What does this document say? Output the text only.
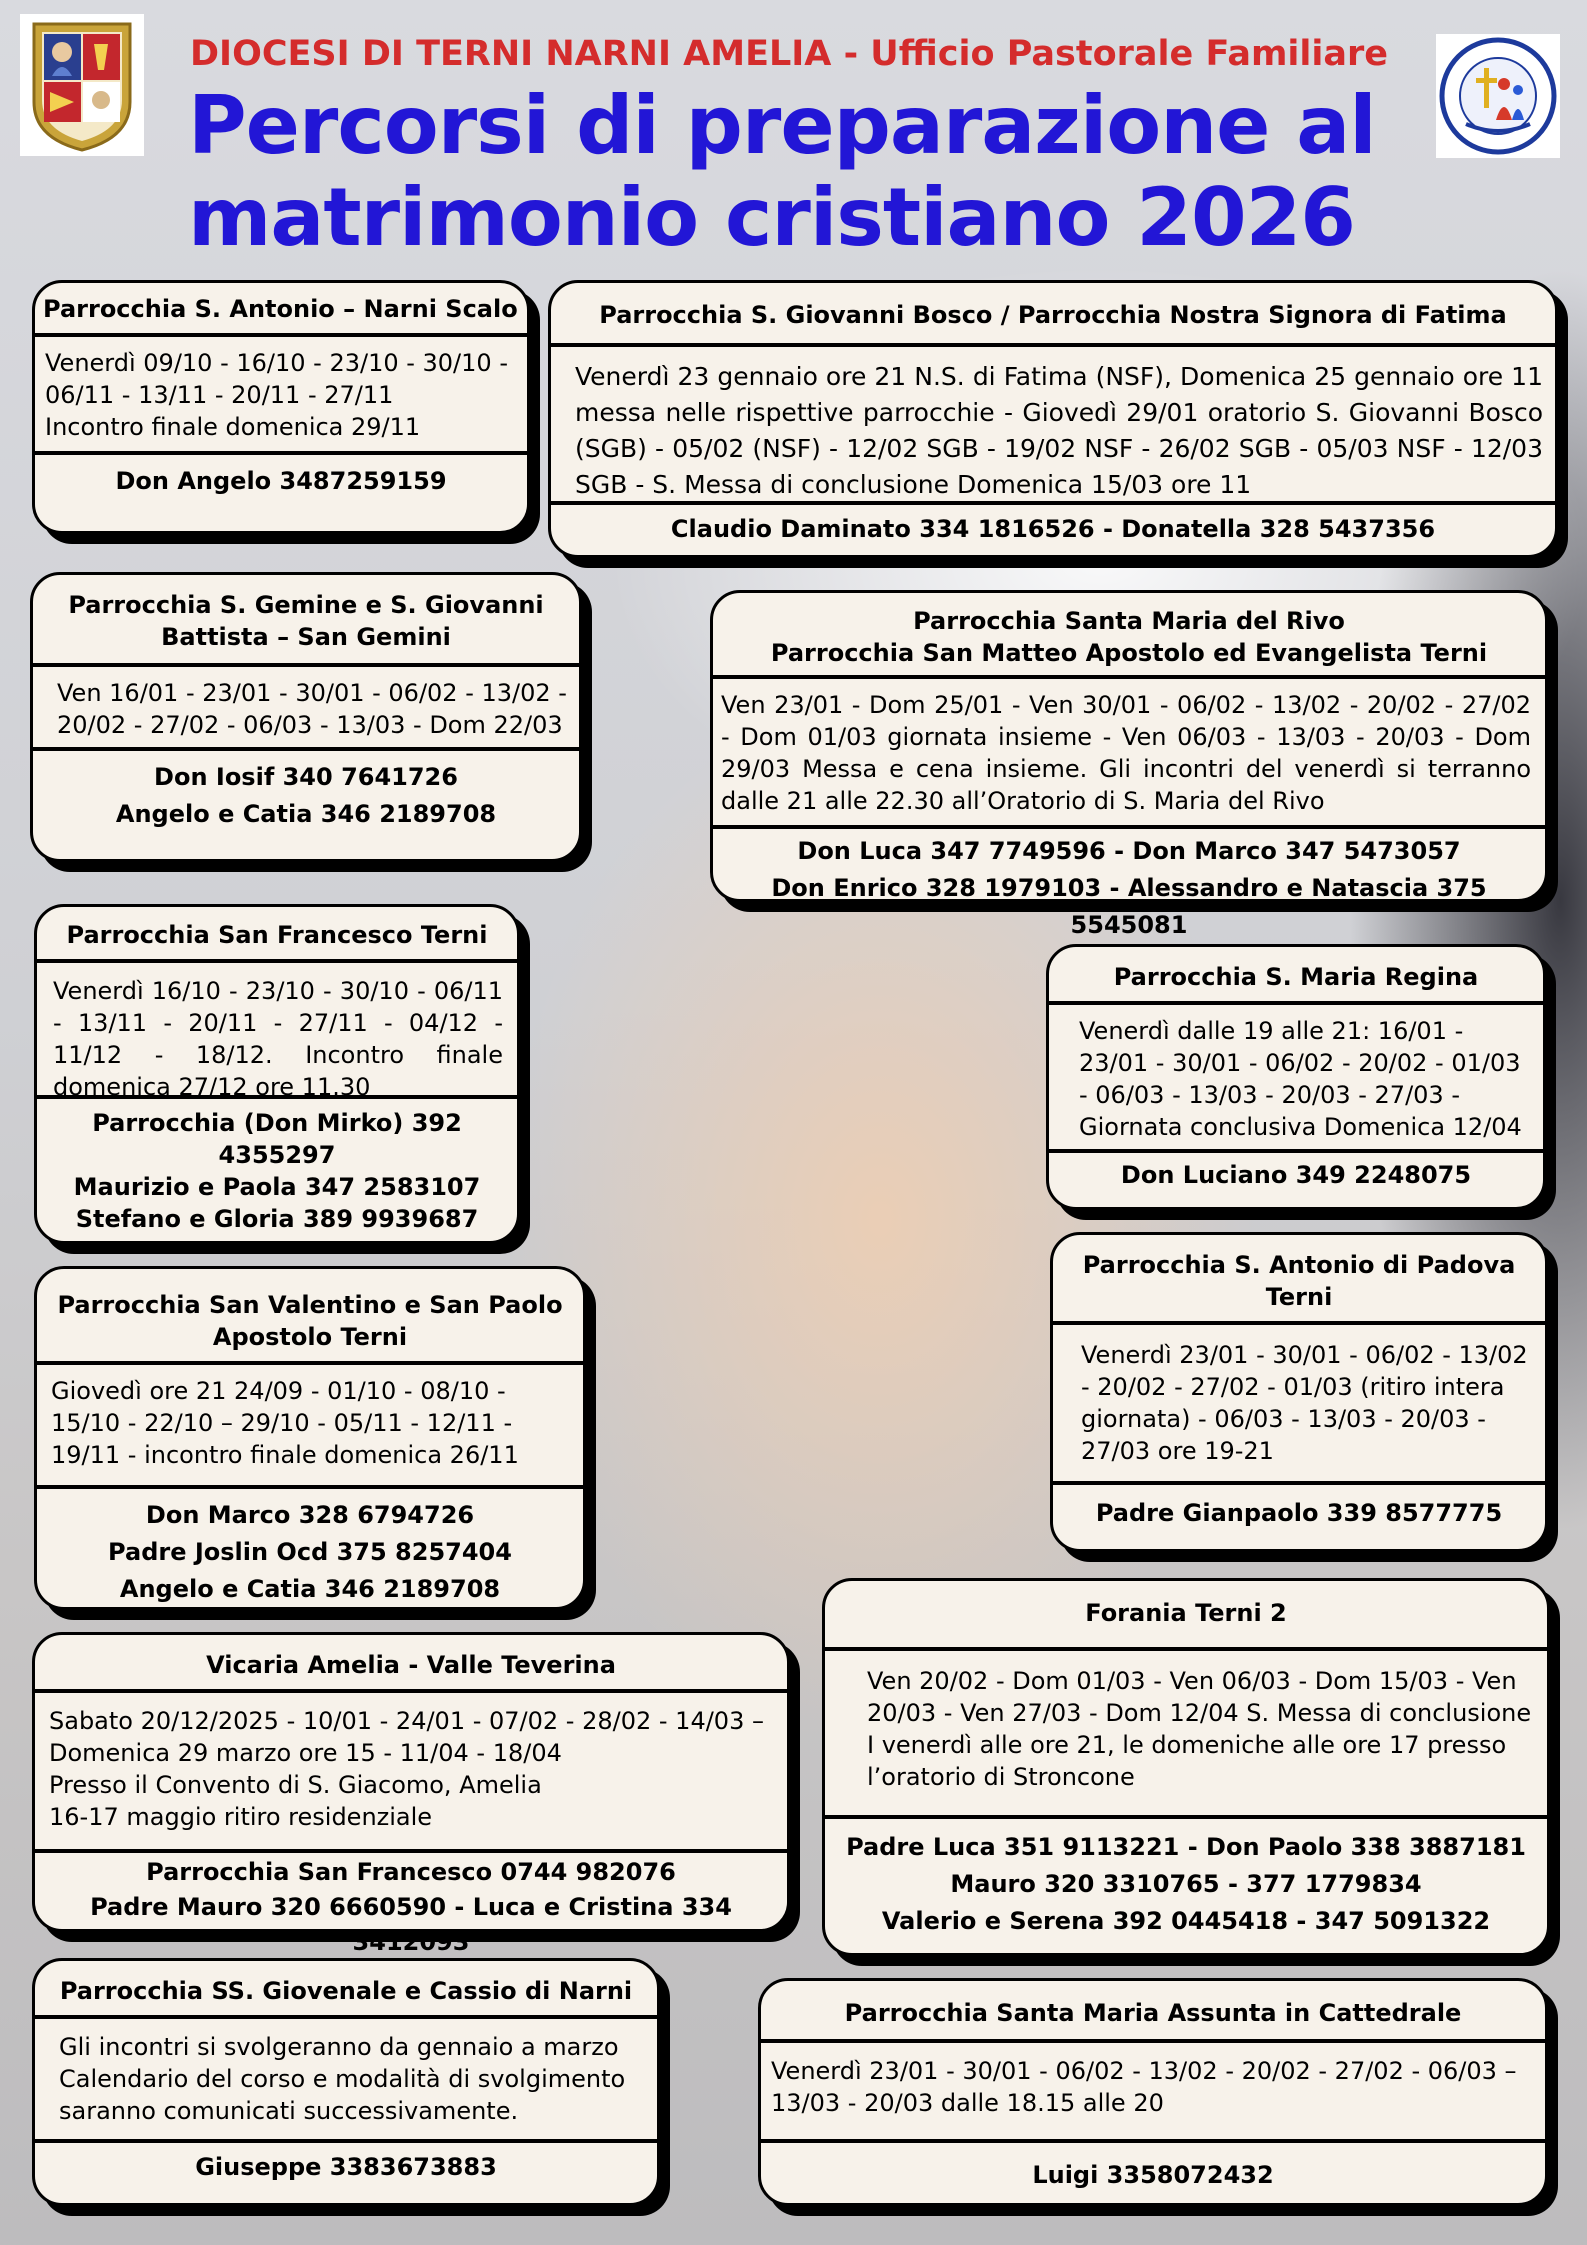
DIOCESI DI TERNI NARNI AMELIA - Ufficio Pastorale Familiare
Percorsi di preparazione al
matrimonio cristiano 2026
Parrocchia S. Antonio – Narni Scalo
Venerdì 09/10 - 16/10 - 23/10 - 30/10 - 06/11 - 13/11 - 20/11 - 27/11
Incontro finale domenica 29/11
Don Angelo 3487259159
Parrocchia S. Giovanni Bosco / Parrocchia Nostra Signora di Fatima
Venerdì 23 gennaio ore 21 N.S. di Fatima (NSF), Domenica 25 gennaio ore 11 messa nelle rispettive parrocchie - Giovedì 29/01 oratorio S. Giovanni Bosco (SGB) - 05/02 (NSF) - 12/02 SGB - 19/02 NSF - 26/02 SGB - 05/03 NSF - 12/03 SGB - S. Messa di conclusione Domenica 15/03 ore 11
Claudio Daminato 334 1816526 - Donatella 328 5437356
Parrocchia S. Gemine e S. Giovanni Battista – San Gemini
Ven 16/01 - 23/01 - 30/01 - 06/02 - 13/02 - 20/02 - 27/02 - 06/03 - 13/03 - Dom 22/03
Don Iosif 340 7641726
Angelo e Catia 346 2189708
Parrocchia Santa Maria del Rivo
Parrocchia San Matteo Apostolo ed Evangelista Terni
Ven 23/01 - Dom 25/01 - Ven 30/01 - 06/02 - 13/02 - 20/02 - 27/02 - Dom 01/03 giornata insieme - Ven 06/03 - 13/03 - 20/03 - Dom 29/03 Messa e cena insieme. Gli incontri del venerdì si terranno dalle 21 alle 22.30 all’Oratorio di S. Maria del Rivo
Don Luca 347 7749596 - Don Marco 347 5473057
Don Enrico 328 1979103 - Alessandro e Natascia 375 5545081
Parrocchia San Francesco Terni
Venerdì 16/10 - 23/10 - 30/10 - 06/11 - 13/11 - 20/11 - 27/11 - 04/12 - 11/12 - 18/12. Incontro finale domenica 27/12 ore 11.30
Parrocchia (Don Mirko) 392 4355297
Maurizio e Paola 347 2583107
Stefano e Gloria 389 9939687
Parrocchia S. Maria Regina
Venerdì dalle 19 alle 21: 16/01 - 23/01 - 30/01 - 06/02 - 20/02 - 01/03 - 06/03 - 13/03 - 20/03 - 27/03 -
Giornata conclusiva Domenica 12/04
Don Luciano 349 2248075
Parrocchia San Valentino e San Paolo Apostolo Terni
Giovedì ore 21 24/09 - 01/10 - 08/10 - 15/10 - 22/10 – 29/10 - 05/11 - 12/11 - 19/11 - incontro finale domenica 26/11
Don Marco 328 6794726
Padre Joslin Ocd 375 8257404
Angelo e Catia 346 2189708
Parrocchia S. Antonio di Padova Terni
Venerdì 23/01 - 30/01 - 06/02 - 13/02 - 20/02 - 27/02 - 01/03 (ritiro intera giornata) - 06/03 - 13/03 - 20/03 - 27/03 ore 19-21
Padre Gianpaolo 339 8577775
Vicaria Amelia - Valle Teverina
Sabato 20/12/2025 - 10/01 - 24/01 - 07/02 - 28/02 - 14/03 – Domenica 29 marzo ore 15 - 11/04 - 18/04
Presso il Convento di S. Giacomo, Amelia
16-17 maggio ritiro residenziale
Parrocchia San Francesco 0744 982076
Padre Mauro 320 6660590 - Luca e Cristina 334 3412093
Forania Terni 2
Ven 20/02 - Dom 01/03 - Ven 06/03 - Dom 15/03 - Ven 20/03 - Ven 27/03 - Dom 12/04 S. Messa di conclusione
I venerdì alle ore 21, le domeniche alle ore 17 presso l’oratorio di Stroncone
Padre Luca 351 9113221 - Don Paolo 338 3887181
Mauro 320 3310765 - 377 1779834
Valerio e Serena 392 0445418 - 347 5091322
Parrocchia SS. Giovenale e Cassio di Narni
Gli incontri si svolgeranno da gennaio a marzo
Calendario del corso e modalità di svolgimento saranno comunicati successivamente.
Giuseppe 3383673883
Parrocchia Santa Maria Assunta in Cattedrale
Venerdì 23/01 - 30/01 - 06/02 - 13/02 - 20/02 - 27/02 - 06/03 – 13/03 - 20/03 dalle 18.15 alle 20
Luigi 3358072432
